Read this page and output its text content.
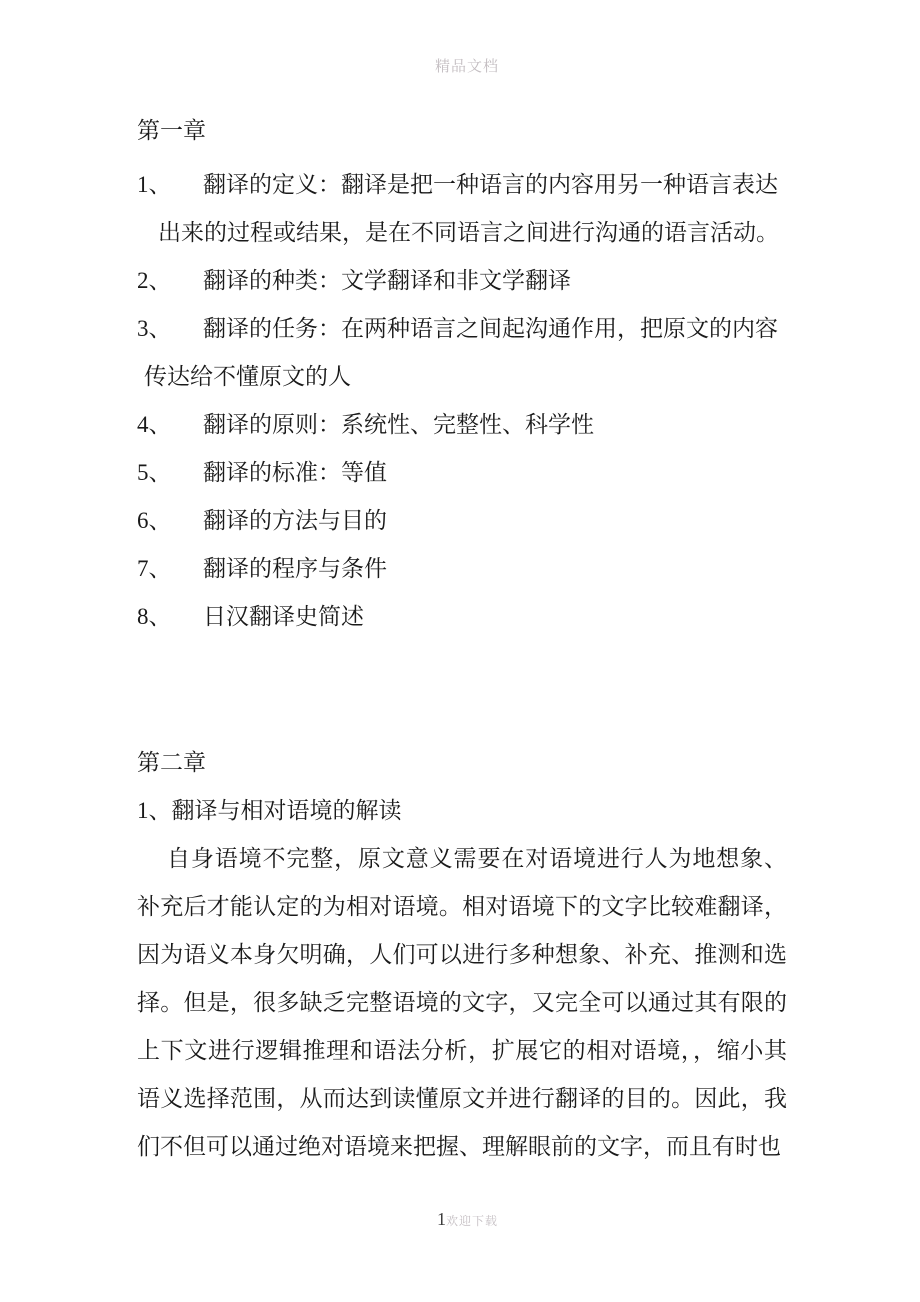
精品文档
第一章
1、	翻译的定义：翻译是把一种语言的内容用另一种语言表达
出来的过程或结果，是在不同语言之间进行沟通的语言活动。
2、	翻译的种类：文学翻译和非文学翻译
3、	翻译的任务：在两种语言之间起沟通作用，把原文的内容
传达给不懂原文的人
4、	翻译的原则：系统性、完整性、科学性
5、	翻译的标准：等值
6、	翻译的方法与目的
7、	翻译的程序与条件
8、	日汉翻译史简述
第二章
1、翻译与相对语境的解读
自身语境不完整，原文意义需要在对语境进行人为地想象、补充后才能认定的为相对语境。相对语境下的文字比较难翻译，因为语义本身欠明确，人们可以进行多种想象、补充、推测和选择。但是，很多缺乏完整语境的文字，又完全可以通过其有限的上下文进行逻辑推理和语法分析，扩展它的相对语境，，缩小其语义选择范围，从而达到读懂原文并进行翻译的目的。因此，我们不但可以通过绝对语境来把握、理解眼前的文字，而且有时也
1 欢迎下载
